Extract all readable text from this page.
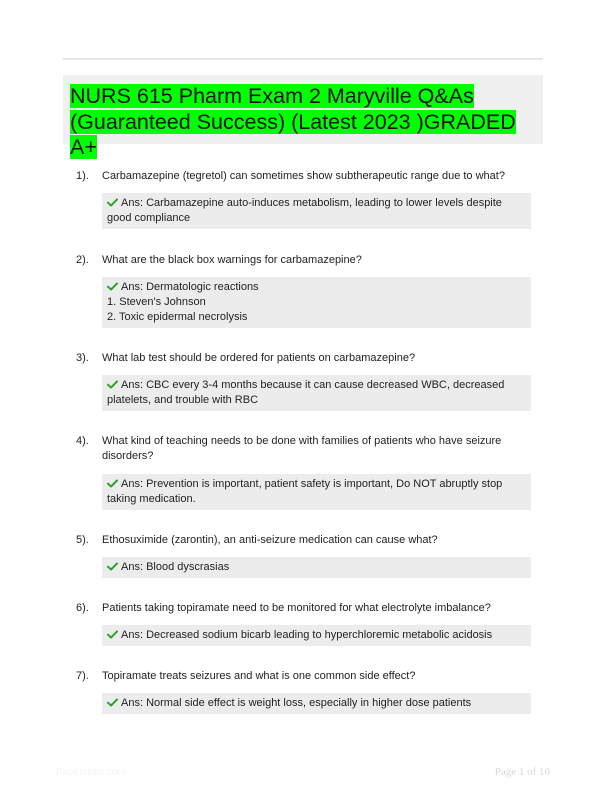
NURS 615 Pharm Exam 2 Maryville Q&As (Guaranteed Success) (Latest 2023 )GRADED A+
1). Carbamazepine (tegretol) can sometimes show subtherapeutic range due to what?
Ans: Carbamazepine auto-induces metabolism, leading to lower levels despite good compliance
2). What are the black box warnings for carbamazepine?
Ans: Dermatologic reactions
1. Steven's Johnson
2. Toxic epidermal necrolysis
3). What lab test should be ordered for patients on carbamazepine?
Ans: CBC every 3-4 months because it can cause decreased WBC, decreased platelets, and trouble with RBC
4). What kind of teaching needs to be done with families of patients who have seizure disorders?
Ans: Prevention is important, patient safety is important, Do NOT abruptly stop taking medication.
5). Ethosuximide (zarontin), an anti-seizure medication can cause what?
Ans: Blood dyscrasias
6). Patients taking topiramate need to be monitored for what electrolyte imbalance?
Ans: Decreased sodium bicarb leading to hyperchloremic metabolic acidosis
7). Topiramate treats seizures and what is one common side effect?
Ans: Normal side effect is weight loss, especially in higher dose patients
Papersbbc.com	Page 1 of 10
